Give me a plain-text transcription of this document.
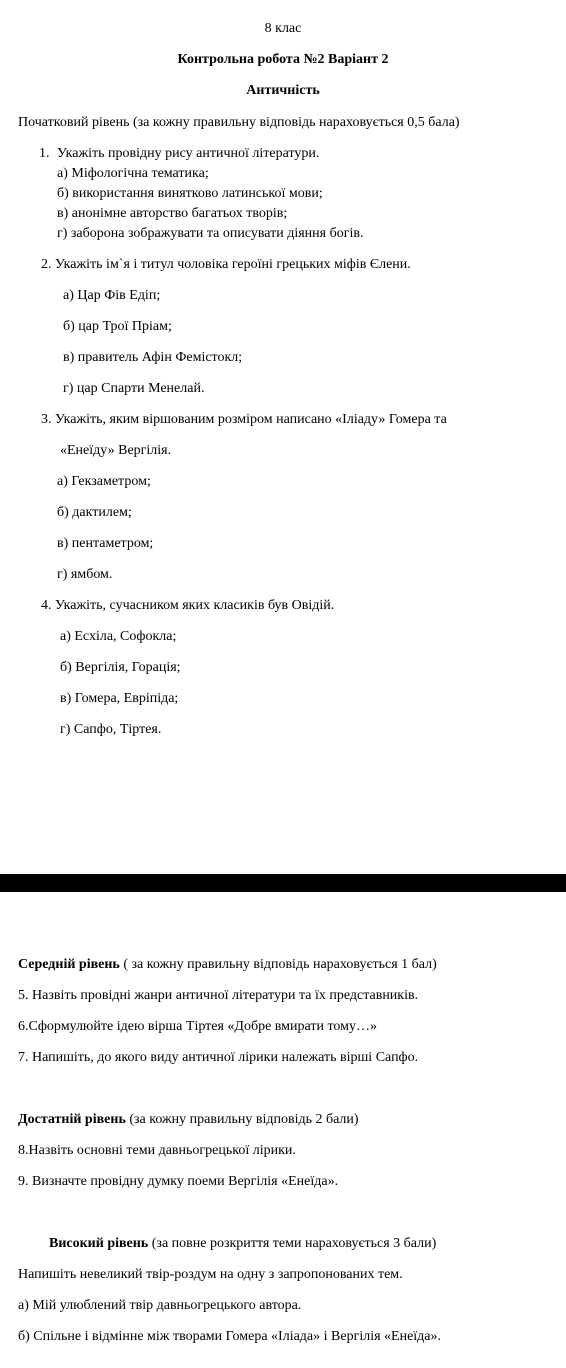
8 клас
Контрольна робота №2 Варіант 2
Античність
Початковий рівень (за кожну правильну відповідь нараховується 0,5 бала)
1. Укажіть провідну рису античної літератури.
а) Міфологічна тематика;
б) використання винятково латинської мови;
в) анонімне авторство багатьох творів;
г) заборона зображувати та описувати діяння богів.
2. Укажіть ім`я і титул чоловіка героїні грецьких міфів Єлени.
а) Цар Фів Едіп;
б) цар Трої Пріам;
в) правитель Афін Фемістокл;
г) цар Спарти Менелай.
3. Укажіть, яким віршованим розміром написано «Іліаду» Гомера та
«Енеїду» Вергілія.
а) Гекзаметром;
б) дактилем;
в) пентаметром;
г) ямбом.
4. Укажіть, сучасником яких класиків був Овідій.
а) Есхіла, Софокла;
б) Вергілія, Горація;
в) Гомера, Евріпіда;
г) Сапфо, Тіртея.
Середній рівень ( за кожну правильну відповідь нараховується 1 бал)
5. Назвіть провідні жанри античної літератури та їх представників.
6.Сформулюйте ідею вірша Тіртея «Добре вмирати тому…»
7. Напишіть, до якого виду античної лірики належать вірші Сапфо.
Достатній рівень (за кожну правильну відповідь 2 бали)
8.Назвіть основні теми давньогрецької лірики.
9. Визначте провідну думку поеми Вергілія «Енеїда».
Високий рівень (за повне розкриття теми нараховується 3 бали)
Напишіть невеликий твір-роздум на одну з запропонованих тем.
а) Мій улюблений твір давньогрецького автора.
б) Спільне і відмінне між творами Гомера «Іліада» і Вергілія «Енеїда».
